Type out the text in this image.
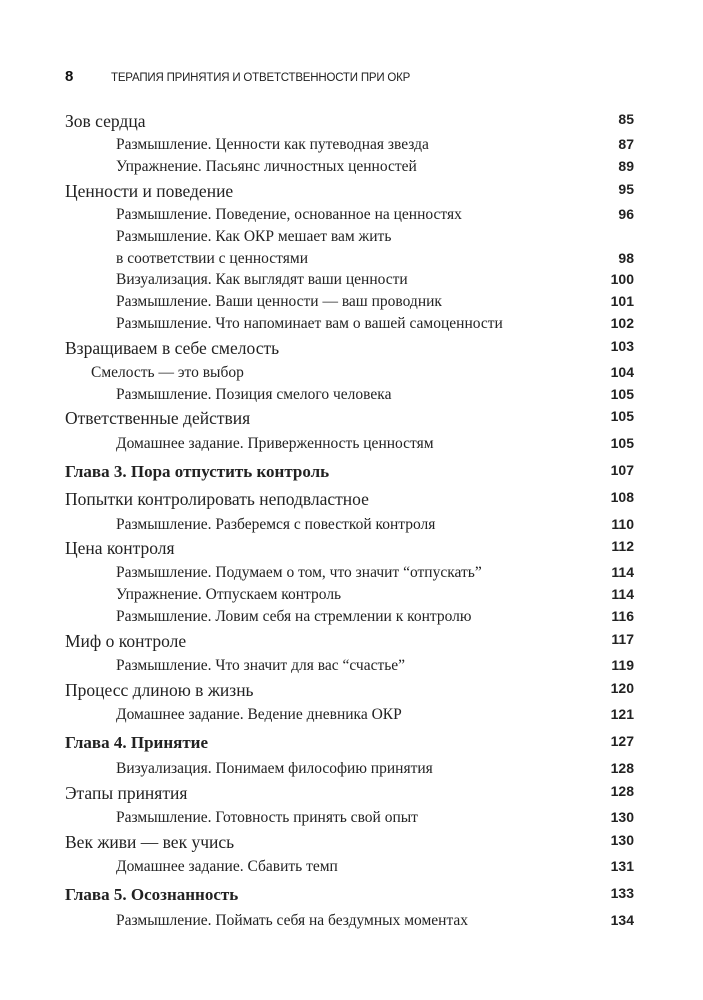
8	ТЕРАПИЯ ПРИНЯТИЯ И ОТВЕТСТВЕННОСТИ ПРИ ОКР
Зов сердца	85
Размышление. Ценности как путеводная звезда	87
Упражнение. Пасьянс личностных ценностей	89
Ценности и поведение	95
Размышление. Поведение, основанное на ценностях	96
Размышление. Как ОКР мешает вам жить
в соответствии с ценностями	98
Визуализация. Как выглядят ваши ценности	100
Размышление. Ваши ценности — ваш проводник	101
Размышление. Что напоминает вам о вашей самоценности	102
Взращиваем в себе смелость	103
Смелость — это выбор	104
Размышление. Позиция смелого человека	105
Ответственные действия	105
Домашнее задание. Приверженность ценностям	105
Глава 3. Пора отпустить контроль	107
Попытки контролировать неподвластное	108
Размышление. Разберемся с повесткой контроля	110
Цена контроля	112
Размышление. Подумаем о том, что значит “отпускать”	114
Упражнение. Отпускаем контроль	114
Размышление. Ловим себя на стремлении к контролю	116
Миф о контроле	117
Размышление. Что значит для вас “счастье”	119
Процесс длиною в жизнь	120
Домашнее задание. Ведение дневника ОКР	121
Глава 4. Принятие	127
Визуализация. Понимаем философию принятия	128
Этапы принятия	128
Размышление. Готовность принять свой опыт	130
Век живи — век учись	130
Домашнее задание. Сбавить темп	131
Глава 5. Осознанность	133
Размышление. Поймать себя на бездумных моментах	134
